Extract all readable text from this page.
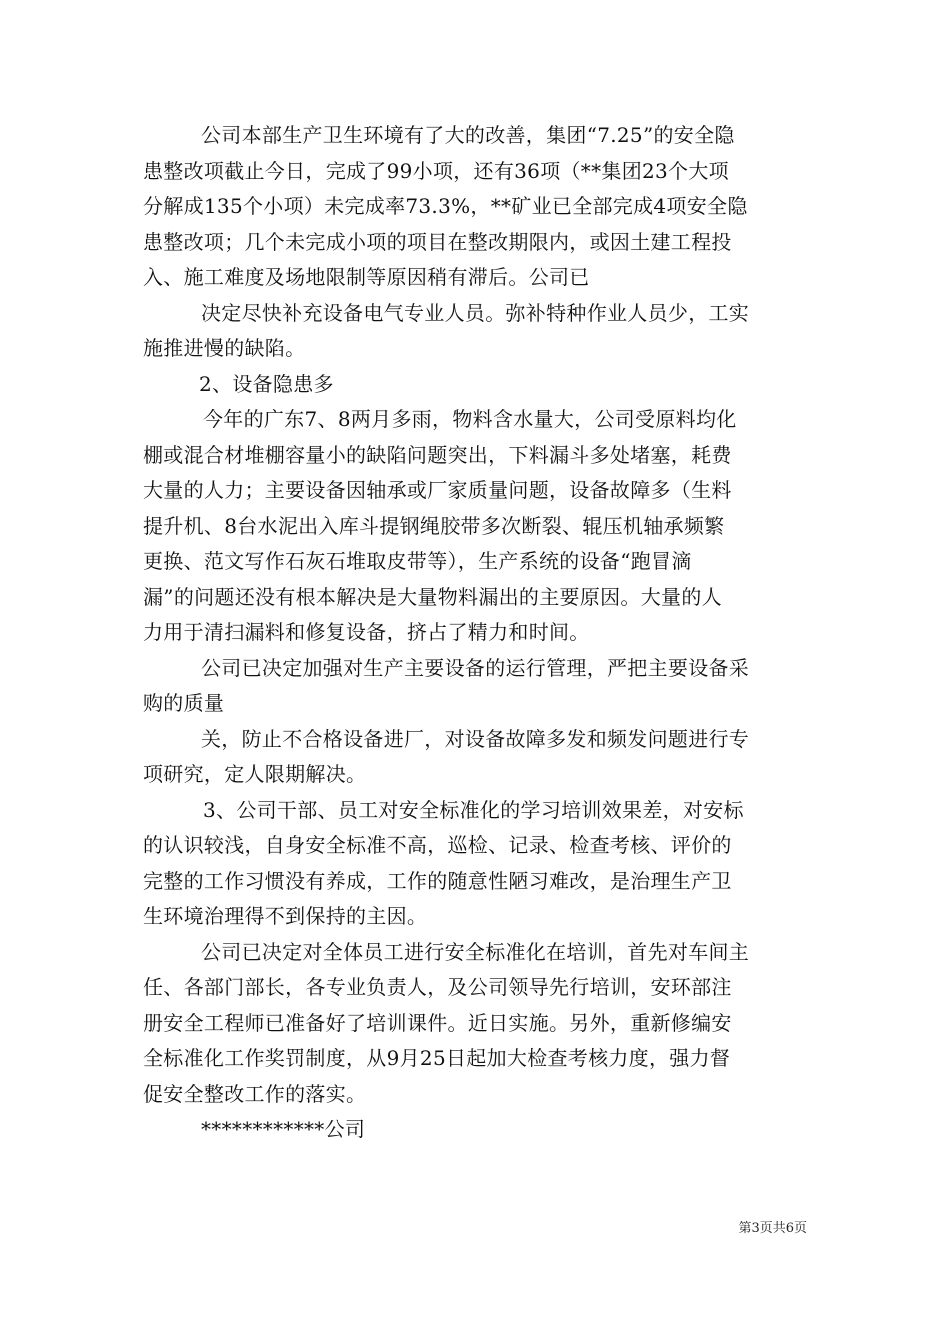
公司本部生产卫生环境有了大的改善，集团“7.25”的安全隐
患整改项截止今日，完成了99小项，还有36项（**集团23个大项
分解成135个小项）未完成率73.3%，**矿业已全部完成4项安全隐
患整改项；几个未完成小项的项目在整改期限内，或因土建工程投
入、施工难度及场地限制等原因稍有滞后。公司已
决定尽快补充设备电气专业人员。弥补特种作业人员少，工实
施推进慢的缺陷。
2、设备隐患多
今年的广东7、8两月多雨，物料含水量大，公司受原料均化
棚或混合材堆棚容量小的缺陷问题突出，下料漏斗多处堵塞，耗费
大量的人力；主要设备因轴承或厂家质量问题，设备故障多（生料
提升机、8台水泥出入库斗提钢绳胶带多次断裂、辊压机轴承频繁
更换、范文写作石灰石堆取皮带等），生产系统的设备“跑冒滴
漏”的问题还没有根本解决是大量物料漏出的主要原因。大量的人
力用于清扫漏料和修复设备，挤占了精力和时间。
公司已决定加强对生产主要设备的运行管理，严把主要设备采
购的质量
关，防止不合格设备进厂，对设备故障多发和频发问题进行专
项研究，定人限期解决。
3、公司干部、员工对安全标准化的学习培训效果差，对安标
的认识较浅，自身安全标准不高，巡检、记录、检查考核、评价的
完整的工作习惯没有养成，工作的随意性陋习难改，是治理生产卫
生环境治理得不到保持的主因。
公司已决定对全体员工进行安全标准化在培训，首先对车间主
任、各部门部长，各专业负责人，及公司领导先行培训，安环部注
册安全工程师已准备好了培训课件。近日实施。另外，重新修编安
全标准化工作奖罚制度，从9月25日起加大检查考核力度，强力督
促安全整改工作的落实。
************公司
第3页共6页
